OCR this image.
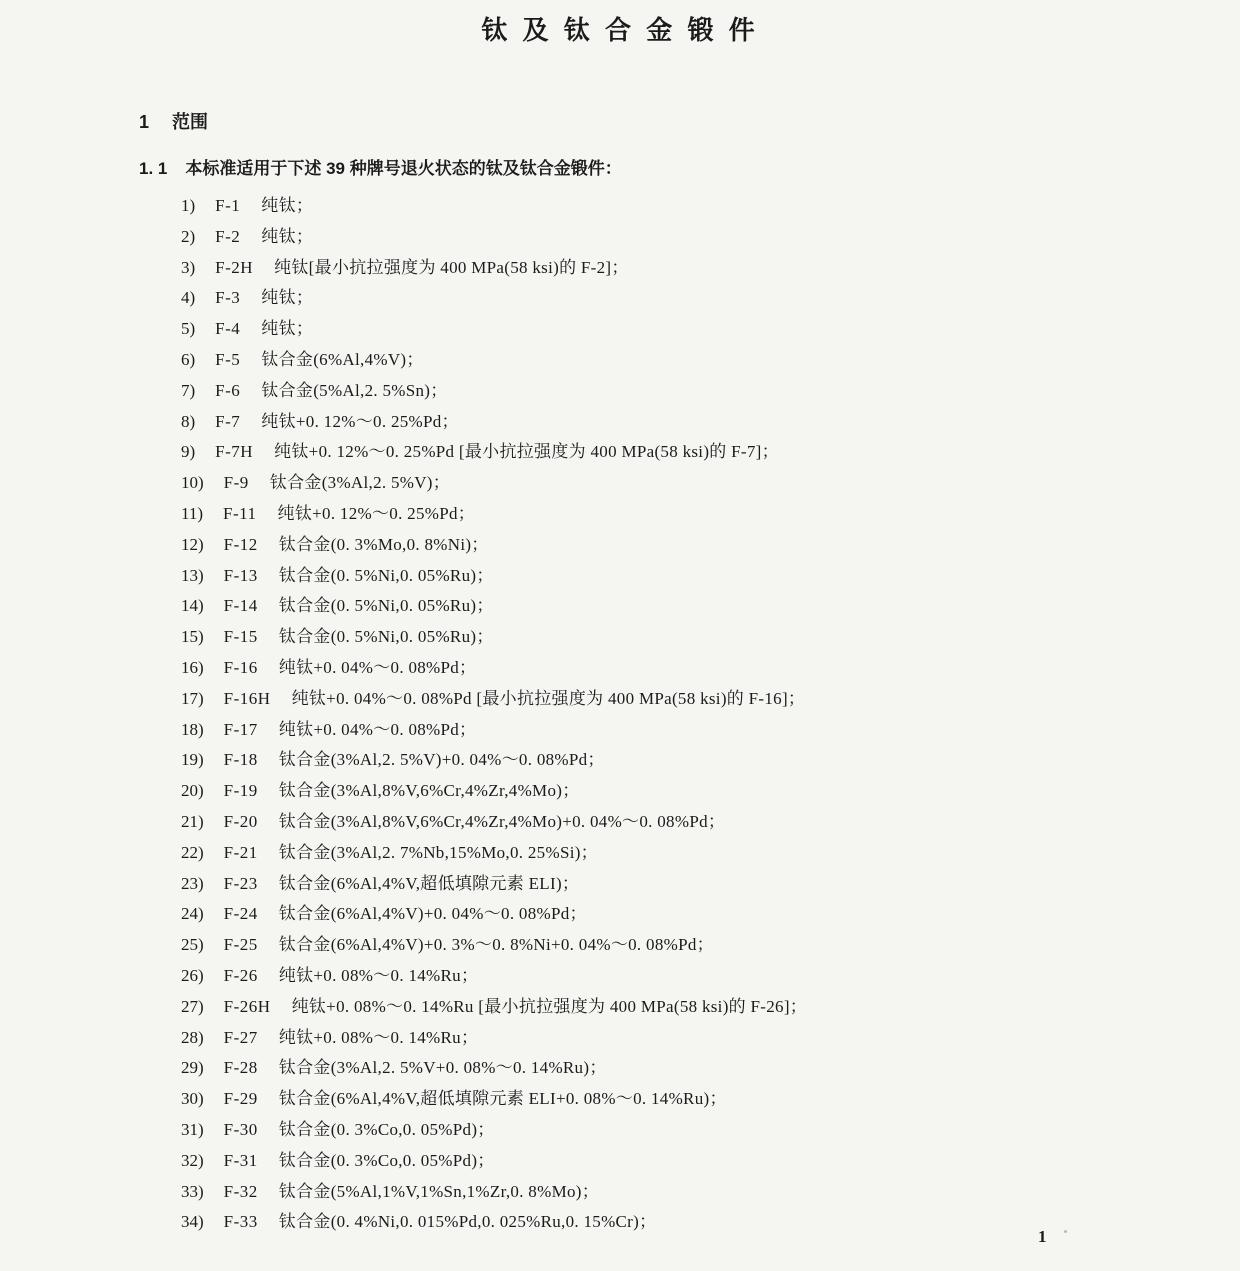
钛 及 钛 合 金 锻 件
1 范围
1. 1 本标准适用于下述 39 种牌号退火状态的钛及钛合金锻件：
1) F-1 纯钛；
2) F-2 纯钛；
3) F-2H 纯钛[最小抗拉强度为 400 MPa(58 ksi)的 F-2]；
4) F-3 纯钛；
5) F-4 纯钛；
6) F-5 钛合金(6%Al,4%V)；
7) F-6 钛合金(5%Al,2. 5%Sn)；
8) F-7 纯钛+0. 12%～0. 25%Pd；
9) F-7H 纯钛+0. 12%～0. 25%Pd [最小抗拉强度为 400 MPa(58 ksi)的 F-7]；
10) F-9 钛合金(3%Al,2. 5%V)；
11) F-11 纯钛+0. 12%～0. 25%Pd；
12) F-12 钛合金(0. 3%Mo,0. 8%Ni)；
13) F-13 钛合金(0. 5%Ni,0. 05%Ru)；
14) F-14 钛合金(0. 5%Ni,0. 05%Ru)；
15) F-15 钛合金(0. 5%Ni,0. 05%Ru)；
16) F-16 纯钛+0. 04%～0. 08%Pd；
17) F-16H 纯钛+0. 04%～0. 08%Pd [最小抗拉强度为 400 MPa(58 ksi)的 F-16]；
18) F-17 纯钛+0. 04%～0. 08%Pd；
19) F-18 钛合金(3%Al,2. 5%V)+0. 04%～0. 08%Pd；
20) F-19 钛合金(3%Al,8%V,6%Cr,4%Zr,4%Mo)；
21) F-20 钛合金(3%Al,8%V,6%Cr,4%Zr,4%Mo)+0. 04%～0. 08%Pd；
22) F-21 钛合金(3%Al,2. 7%Nb,15%Mo,0. 25%Si)；
23) F-23 钛合金(6%Al,4%V,超低填隙元素 ELI)；
24) F-24 钛合金(6%Al,4%V)+0. 04%～0. 08%Pd；
25) F-25 钛合金(6%Al,4%V)+0. 3%～0. 8%Ni+0. 04%～0. 08%Pd；
26) F-26 纯钛+0. 08%～0. 14%Ru；
27) F-26H 纯钛+0. 08%～0. 14%Ru [最小抗拉强度为 400 MPa(58 ksi)的 F-26]；
28) F-27 纯钛+0. 08%～0. 14%Ru；
29) F-28 钛合金(3%Al,2. 5%V+0. 08%～0. 14%Ru)；
30) F-29 钛合金(6%Al,4%V,超低填隙元素 ELI+0. 08%～0. 14%Ru)；
31) F-30 钛合金(0. 3%Co,0. 05%Pd)；
32) F-31 钛合金(0. 3%Co,0. 05%Pd)；
33) F-32 钛合金(5%Al,1%V,1%Sn,1%Zr,0. 8%Mo)；
34) F-33 钛合金(0. 4%Ni,0. 015%Pd,0. 025%Ru,0. 15%Cr)；
1
